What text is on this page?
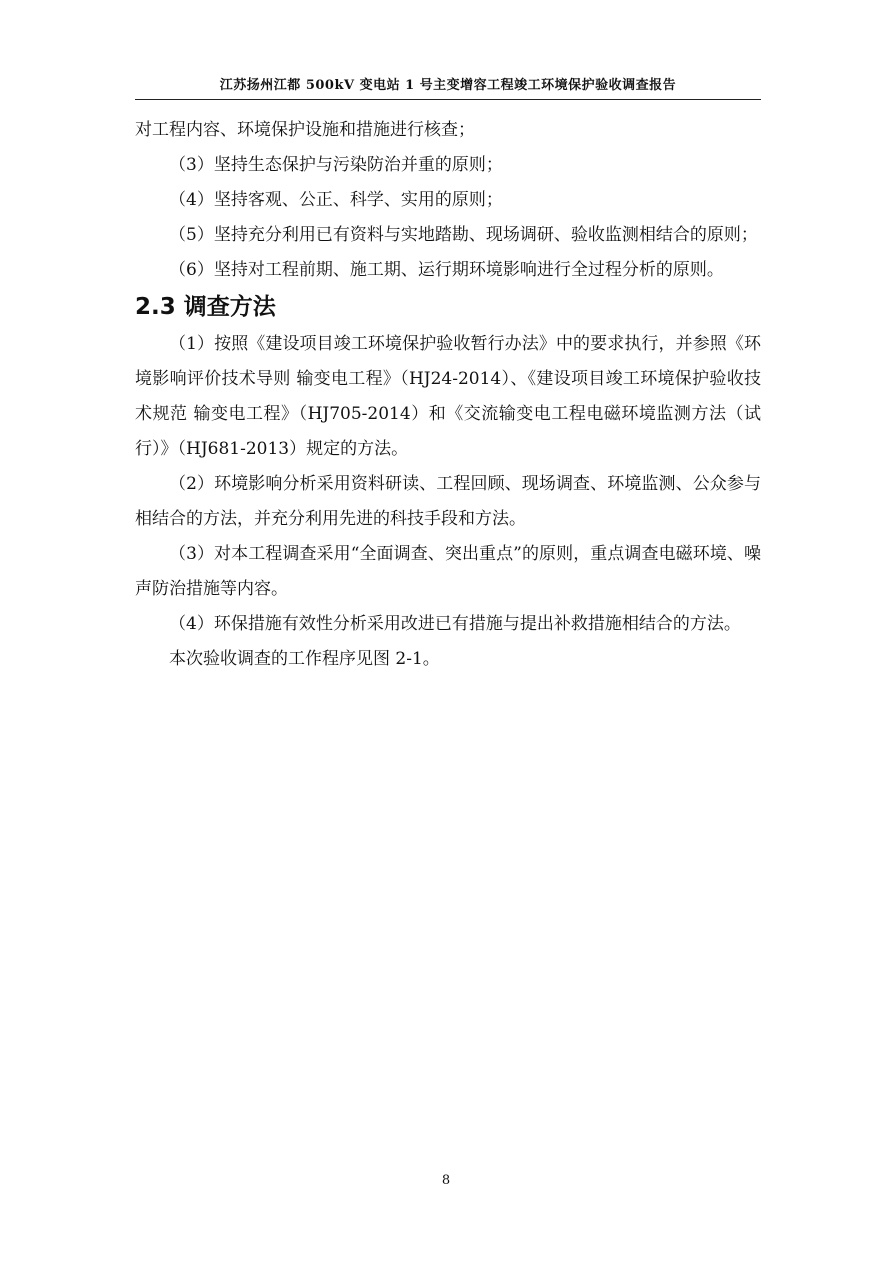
江苏扬州江都 500kV 变电站 1 号主变增容工程竣工环境保护验收调查报告

对工程内容、环境保护设施和措施进行核查；

（3）坚持生态保护与污染防治并重的原则；

（4）坚持客观、公正、科学、实用的原则；

（5）坚持充分利用已有资料与实地踏勘、现场调研、验收监测相结合的原则；

（6）坚持对工程前期、施工期、运行期环境影响进行全过程分析的原则。

2.3 调查方法

（1）按照《建设项目竣工环境保护验收暂行办法》中的要求执行，并参照《环境影响评价技术导则 输变电工程》（HJ24-2014）、《建设项目竣工环境保护验收技术规范 输变电工程》（HJ705-2014）和《交流输变电工程电磁环境监测方法（试行）》（HJ681-2013）规定的方法。

（2）环境影响分析采用资料研读、工程回顾、现场调查、环境监测、公众参与相结合的方法，并充分利用先进的科技手段和方法。

（3）对本工程调查采用“全面调查、突出重点”的原则，重点调查电磁环境、噪声防治措施等内容。

（4）环保措施有效性分析采用改进已有措施与提出补救措施相结合的方法。

本次验收调查的工作程序见图 2-1。

8
